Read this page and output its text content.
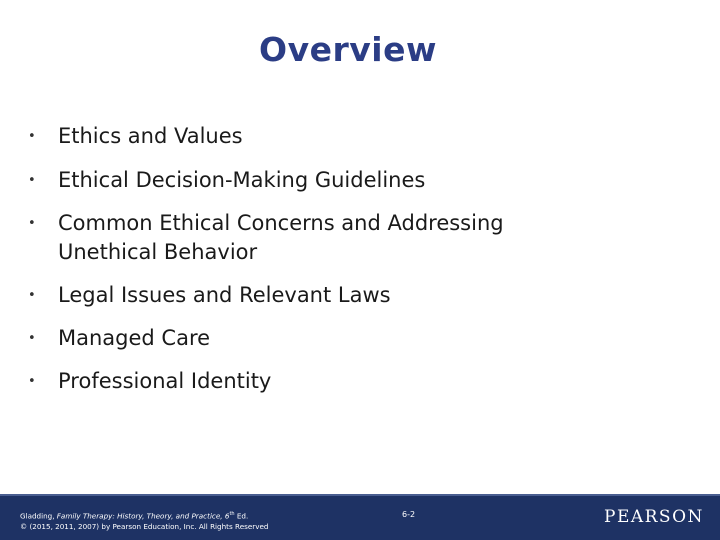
Overview
• Ethics and Values
• Ethical Decision-Making Guidelines
• Common Ethical Concerns and Addressing
Unethical Behavior
• Legal Issues and Relevant Laws
• Managed Care
• Professional Identity
Gladding, Family Therapy: History, Theory, and Practice, 6th Ed.
© (2015, 2011, 2007) by Pearson Education, Inc. All Rights Reserved
6-2	PEARSON
